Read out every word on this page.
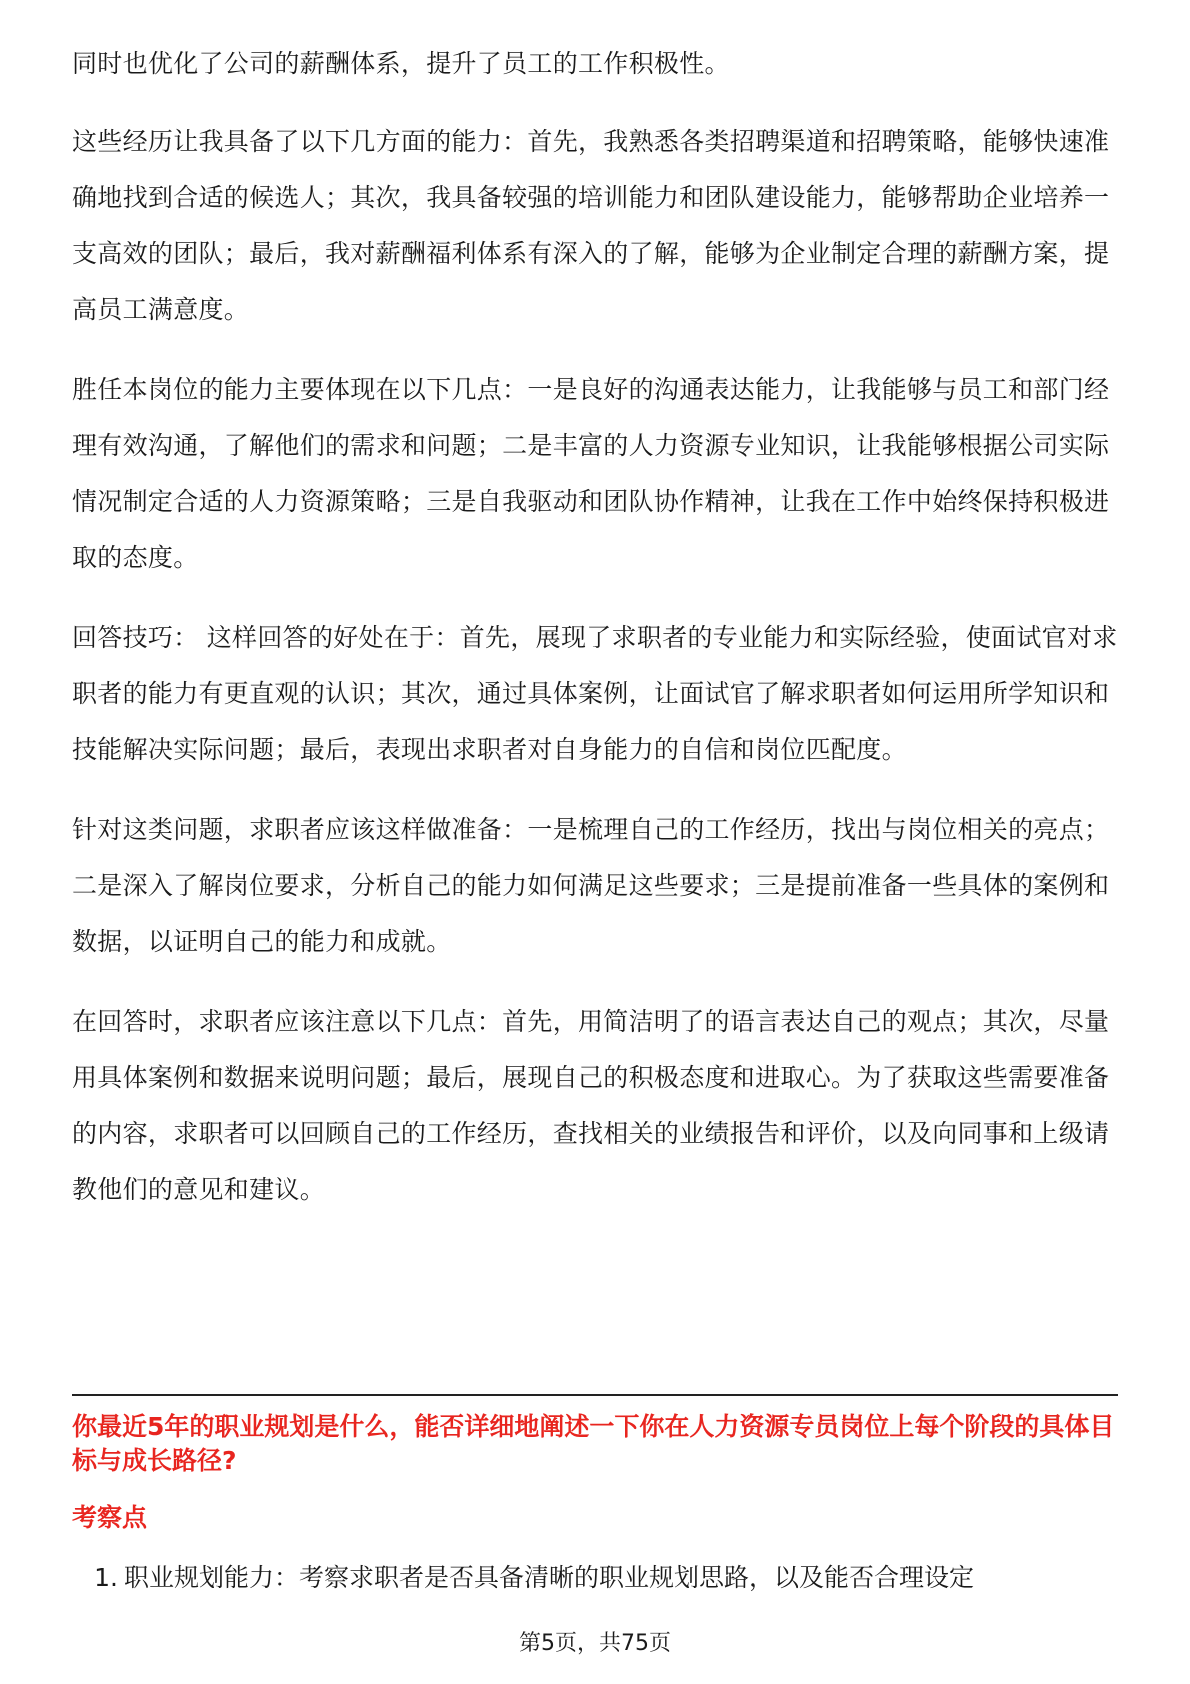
同时也优化了公司的薪酬体系，提升了员工的工作积极性。

这些经历让我具备了以下几方面的能力：首先，我熟悉各类招聘渠道和招聘策略，能够快速准确地找到合适的候选人；其次，我具备较强的培训能力和团队建设能力，能够帮助企业培养一支高效的团队；最后，我对薪酬福利体系有深入的了解，能够为企业制定合理的薪酬方案，提高员工满意度。

胜任本岗位的能力主要体现在以下几点：一是良好的沟通表达能力，让我能够与员工和部门经理有效沟通，了解他们的需求和问题；二是丰富的人力资源专业知识，让我能够根据公司实际情况制定合适的人力资源策略；三是自我驱动和团队协作精神，让我在工作中始终保持积极进取的态度。

回答技巧： 这样回答的好处在于：首先，展现了求职者的专业能力和实际经验，使面试官对求职者的能力有更直观的认识；其次，通过具体案例，让面试官了解求职者如何运用所学知识和技能解决实际问题；最后，表现出求职者对自身能力的自信和岗位匹配度。

针对这类问题，求职者应该这样做准备：一是梳理自己的工作经历，找出与岗位相关的亮点；二是深入了解岗位要求，分析自己的能力如何满足这些要求；三是提前准备一些具体的案例和数据，以证明自己的能力和成就。

在回答时，求职者应该注意以下几点：首先，用简洁明了的语言表达自己的观点；其次，尽量用具体案例和数据来说明问题；最后，展现自己的积极态度和进取心。为了获取这些需要准备的内容，求职者可以回顾自己的工作经历，查找相关的业绩报告和评价，以及向同事和上级请教他们的意见和建议。

你最近5年的职业规划是什么，能否详细地阐述一下你在人力资源专员岗位上每个阶段的具体目标与成长路径?

考察点

1. 职业规划能力：考察求职者是否具备清晰的职业规划思路，以及能否合理设定
第5页，共75页
